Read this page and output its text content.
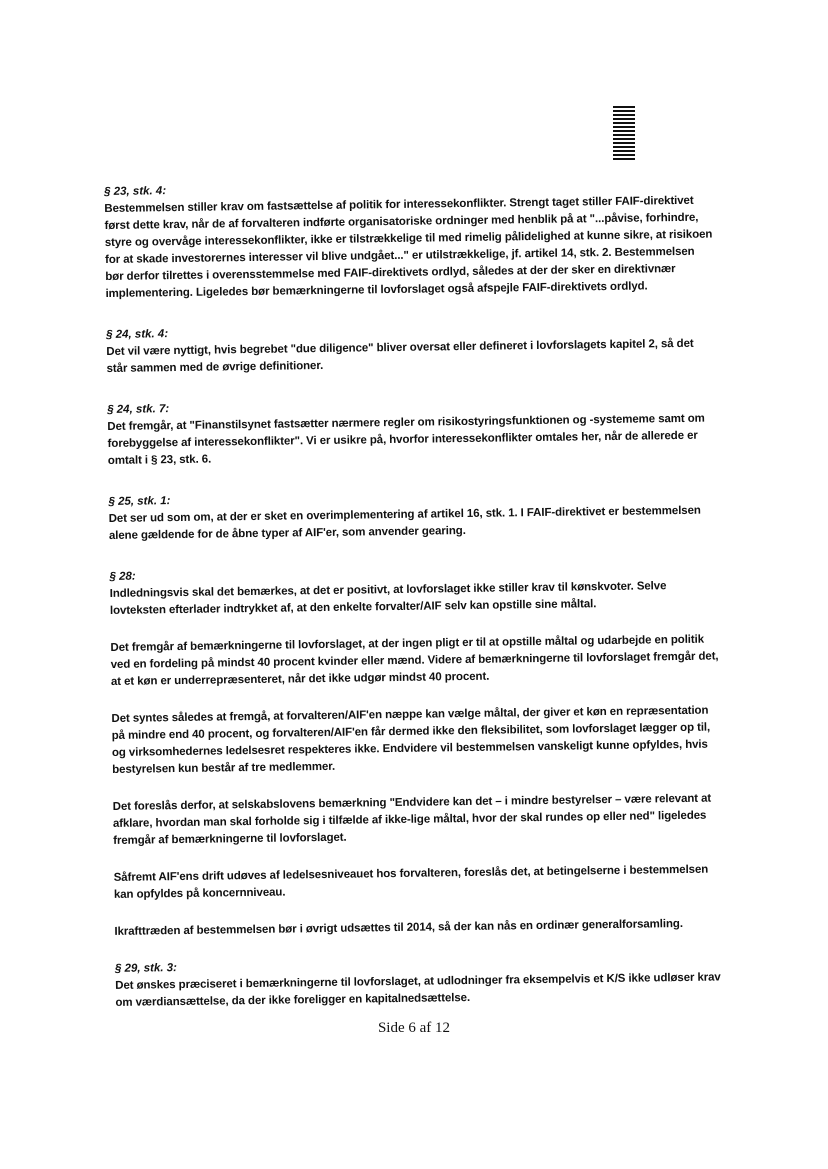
§ 23, stk. 4:

Bestemmelsen stiller krav om fastsættelse af politik for interessekonflikter. Strengt taget stiller FAIF-direktivet først dette krav, når de af forvalteren indførte organisatoriske ordninger med henblik på at "...påvise, forhindre, styre og overvåge interessekonflikter, ikke er tilstrækkelige til med rimelig pålidelighed at kunne sikre, at risikoen for at skade investorernes interesser vil blive undgået..." er utilstrækkelige, jf. artikel 14, stk. 2. Bestemmelsen bør derfor tilrettes i overensstemmelse med FAIF-direktivets ordlyd, således at der der sker en direktivnær implementering. Ligeledes bør bemærkningerne til lovforslaget også afspejle FAIF-direktivets ordlyd.

§ 24, stk. 4:

Det vil være nyttigt, hvis begrebet "due diligence" bliver oversat eller defineret i lovforslagets kapitel 2, så det står sammen med de øvrige definitioner.

§ 24, stk. 7:

Det fremgår, at "Finanstilsynet fastsætter nærmere regler om risikostyringsfunktionen og -systememe samt om forebyggelse af interessekonflikter". Vi er usikre på, hvorfor interessekonflikter omtales her, når de allerede er omtalt i § 23, stk. 6.

§ 25, stk. 1:

Det ser ud som om, at der er sket en overimplementering af artikel 16, stk. 1. I FAIF-direktivet er bestemmelsen alene gældende for de åbne typer af AIF'er, som anvender gearing.

§ 28:

Indledningsvis skal det bemærkes, at det er positivt, at lovforslaget ikke stiller krav til kønskvoter. Selve lovteksten efterlader indtrykket af, at den enkelte forvalter/AIF selv kan opstille sine måltal.

Det fremgår af bemærkningerne til lovforslaget, at der ingen pligt er til at opstille måltal og udarbejde en politik ved en fordeling på mindst 40 procent kvinder eller mænd. Videre af bemærkningerne til lovforslaget fremgår det, at et køn er underrepræsenteret, når det ikke udgør mindst 40 procent.

Det syntes således at fremgå, at forvalteren/AIF'en næppe kan vælge måltal, der giver et køn en repræsentation på mindre end 40 procent, og forvalteren/AIF'en får dermed ikke den fleksibilitet, som lovforslaget lægger op til, og virksomhedernes ledelsesret respekteres ikke. Endvidere vil bestemmelsen vanskeligt kunne opfyldes, hvis bestyrelsen kun består af tre medlemmer.

Det foreslås derfor, at selskabslovens bemærkning "Endvidere kan det – i mindre bestyrelser – være relevant at afklare, hvordan man skal forholde sig i tilfælde af ikke-lige måltal, hvor der skal rundes op eller ned" ligeledes fremgår af bemærkningerne til lovforslaget.

Såfremt AIF'ens drift udøves af ledelsesniveauet hos forvalteren, foreslås det, at betingelserne i bestemmelsen kan opfyldes på koncernniveau.

Ikrafttræden af bestemmelsen bør i øvrigt udsættes til 2014, så der kan nås en ordinær generalforsamling.

§ 29, stk. 3:

Det ønskes præciseret i bemærkningerne til lovforslaget, at udlodninger fra eksempelvis et K/S ikke udløser krav om værdiansættelse, da der ikke foreligger en kapitalnedsættelse.

Side 6 af 12
